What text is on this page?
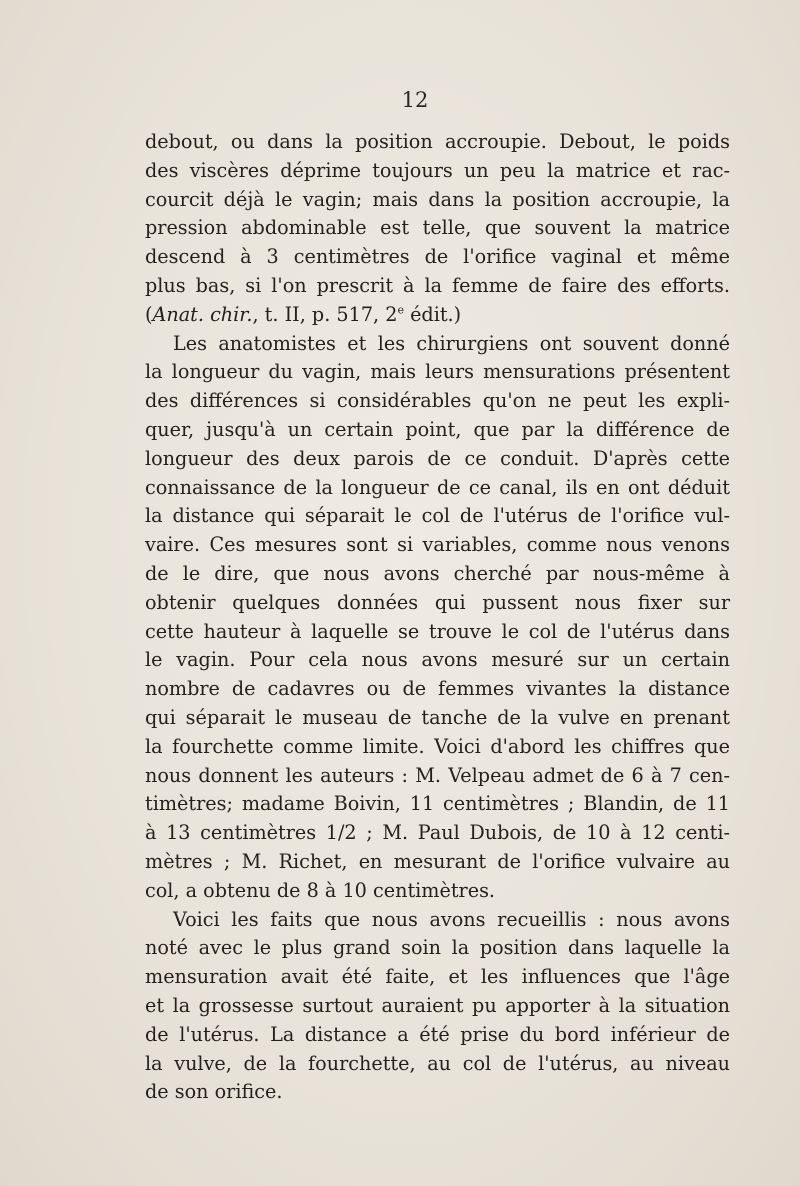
12
debout, ou dans la position accroupie. Debout, le poids
des viscères déprime toujours un peu la matrice et rac-
courcit déjà le vagin; mais dans la position accroupie, la
pression abdominable est telle, que souvent la matrice
descend à 3 centimètres de l'orifice vaginal et même
plus bas, si l'on prescrit à la femme de faire des efforts.
(Anat. chir., t. II, p. 517, 2e édit.)
Les anatomistes et les chirurgiens ont souvent donné
la longueur du vagin, mais leurs mensurations présentent
des différences si considérables qu'on ne peut les expli-
quer, jusqu'à un certain point, que par la différence de
longueur des deux parois de ce conduit. D'après cette
connaissance de la longueur de ce canal, ils en ont déduit
la distance qui séparait le col de l'utérus de l'orifice vul-
vaire. Ces mesures sont si variables, comme nous venons
de le dire, que nous avons cherché par nous-même à
obtenir quelques données qui pussent nous fixer sur
cette hauteur à laquelle se trouve le col de l'utérus dans
le vagin. Pour cela nous avons mesuré sur un certain
nombre de cadavres ou de femmes vivantes la distance
qui séparait le museau de tanche de la vulve en prenant
la fourchette comme limite. Voici d'abord les chiffres que
nous donnent les auteurs : M. Velpeau admet de 6 à 7 cen-
timètres; madame Boivin, 11 centimètres ; Blandin, de 11
à 13 centimètres 1/2 ; M. Paul Dubois, de 10 à 12 centi-
mètres ; M. Richet, en mesurant de l'orifice vulvaire au
col, a obtenu de 8 à 10 centimètres.
Voici les faits que nous avons recueillis : nous avons
noté avec le plus grand soin la position dans laquelle la
mensuration avait été faite, et les influences que l'âge
et la grossesse surtout auraient pu apporter à la situation
de l'utérus. La distance a été prise du bord inférieur de
la vulve, de la fourchette, au col de l'utérus, au niveau
de son orifice.
